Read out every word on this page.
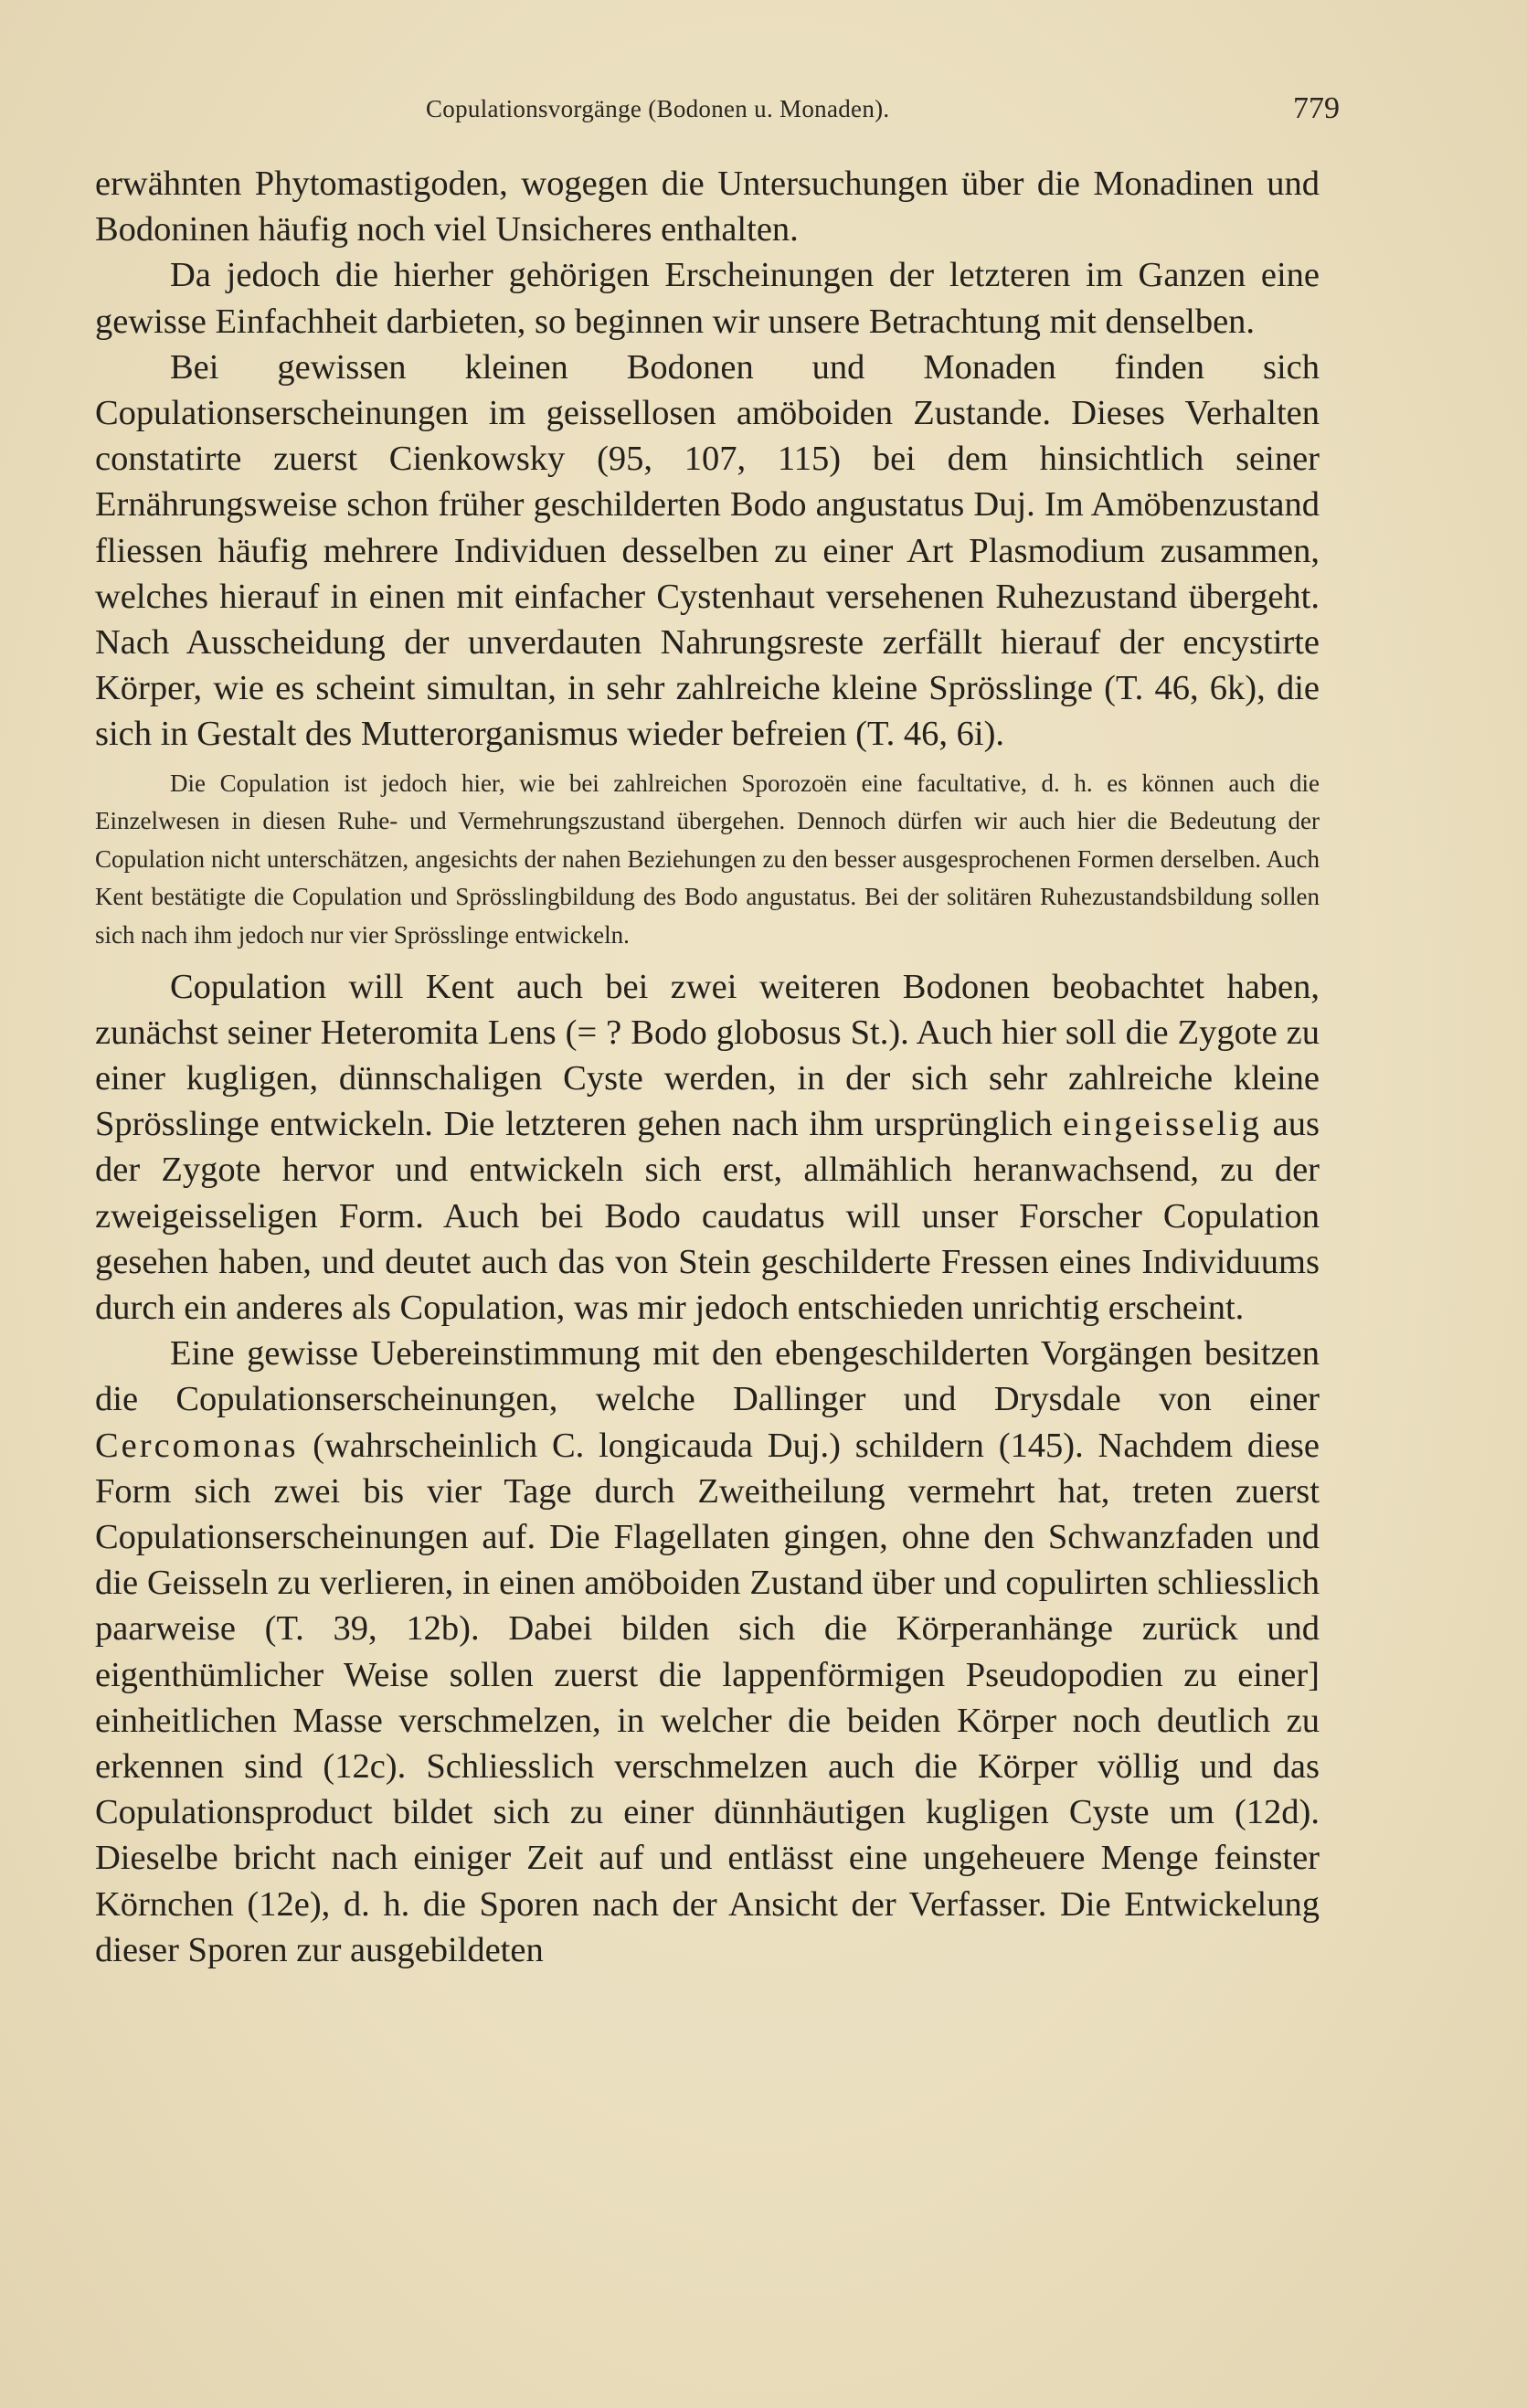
Copulationsvorgänge (Bodonen u. Monaden).	779

erwähnten Phytomastigoden, wogegen die Untersuchungen über die Monadinen und Bodoninen häufig noch viel Unsicheres enthalten.

Da jedoch die hierher gehörigen Erscheinungen der letzteren im Ganzen eine gewisse Einfachheit darbieten, so beginnen wir unsere Betrachtung mit denselben.

Bei gewissen kleinen Bodonen und Monaden finden sich Copulationserscheinungen im geissellosen amöboiden Zustande. Dieses Verhalten constatirte zuerst Cienkowsky (95, 107, 115) bei dem hinsichtlich seiner Ernährungsweise schon früher geschilderten Bodo angustatus Duj. Im Amöbenzustand fliessen häufig mehrere Individuen desselben zu einer Art Plasmodium zusammen, welches hierauf in einen mit einfacher Cystenhaut versehenen Ruhezustand übergeht. Nach Ausscheidung der unverdauten Nahrungsreste zerfällt hierauf der encystirte Körper, wie es scheint simultan, in sehr zahlreiche kleine Sprösslinge (T. 46, 6k), die sich in Gestalt des Mutterorganismus wieder befreien (T. 46, 6i).

Die Copulation ist jedoch hier, wie bei zahlreichen Sporozoën eine facultative, d. h. es können auch die Einzelwesen in diesen Ruhe- und Vermehrungszustand übergehen. Dennoch dürfen wir auch hier die Bedeutung der Copulation nicht unterschätzen, angesichts der nahen Beziehungen zu den besser ausgesprochenen Formen derselben. Auch Kent bestätigte die Copulation und Sprösslingbildung des Bodo angustatus. Bei der solitären Ruhezustandsbildung sollen sich nach ihm jedoch nur vier Sprösslinge entwickeln.

Copulation will Kent auch bei zwei weiteren Bodonen beobachtet haben, zunächst seiner Heteromita Lens (= ? Bodo globosus St.). Auch hier soll die Zygote zu einer kugligen, dünnschaligen Cyste werden, in der sich sehr zahlreiche kleine Sprösslinge entwickeln. Die letzteren gehen nach ihm ursprünglich eingeisselig aus der Zygote hervor und entwickeln sich erst, allmählich heranwachsend, zu der zweigeisseligen Form. Auch bei Bodo caudatus will unser Forscher Copulation gesehen haben, und deutet auch das von Stein geschilderte Fressen eines Individuums durch ein anderes als Copulation, was mir jedoch entschieden unrichtig erscheint.

Eine gewisse Uebereinstimmung mit den ebengeschilderten Vorgängen besitzen die Copulationserscheinungen, welche Dallinger und Drysdale von einer Cercomonas (wahrscheinlich C. longicauda Duj.) schildern (145). Nachdem diese Form sich zwei bis vier Tage durch Zweitheilung vermehrt hat, treten zuerst Copulationserscheinungen auf. Die Flagellaten gingen, ohne den Schwanzfaden und die Geisseln zu verlieren, in einen amöboiden Zustand über und copulirten schliesslich paarweise (T. 39, 12b). Dabei bilden sich die Körperanhänge zurück und eigenthümlicher Weise sollen zuerst die lappenförmigen Pseudopodien zu einer] einheitlichen Masse verschmelzen, in welcher die beiden Körper noch deutlich zu erkennen sind (12c). Schliesslich verschmelzen auch die Körper völlig und das Copulationsproduct bildet sich zu einer dünnhäutigen kugligen Cyste um (12d). Dieselbe bricht nach einiger Zeit auf und entlässt eine ungeheuere Menge feinster Körnchen (12e), d. h. die Sporen nach der Ansicht der Verfasser. Die Entwickelung dieser Sporen zur ausgebildeten
